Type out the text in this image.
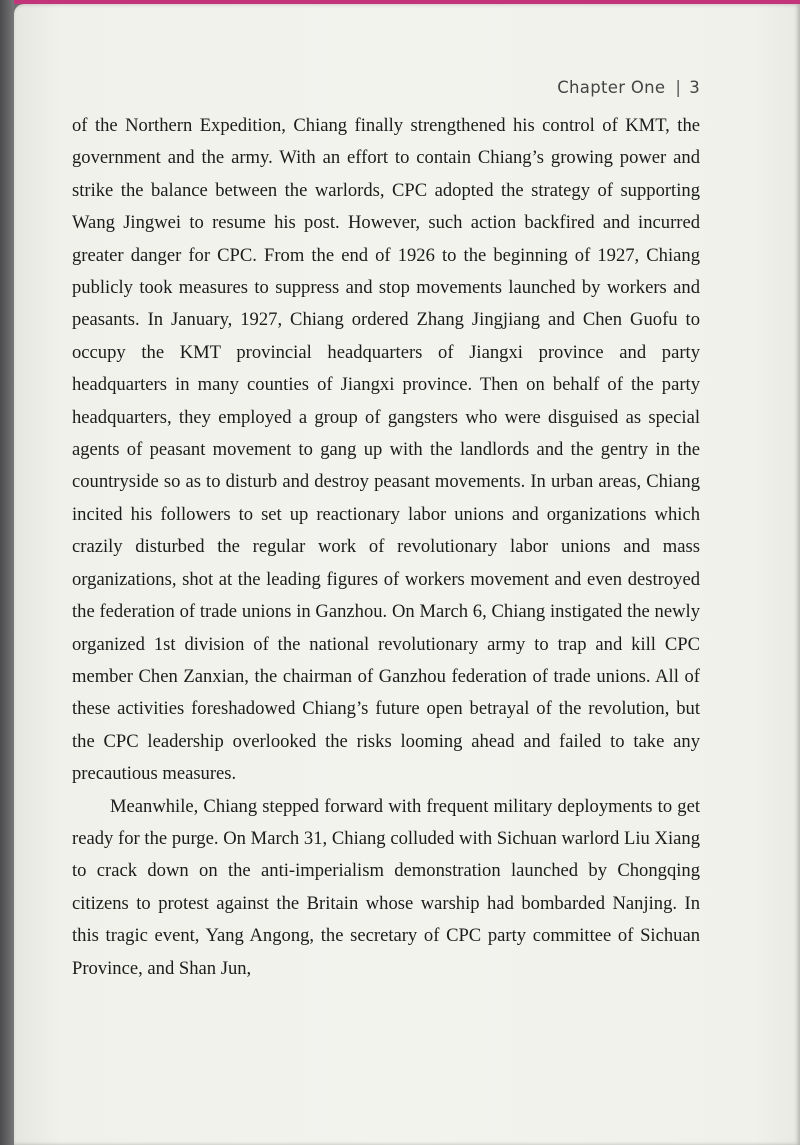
Chapter One | 3

of the Northern Expedition, Chiang finally strengthened his control of KMT, the government and the army. With an effort to contain Chiang’s growing power and strike the balance between the warlords, CPC adopted the strategy of supporting Wang Jingwei to resume his post. However, such action backfired and incurred greater danger for CPC. From the end of 1926 to the beginning of 1927, Chiang publicly took measures to suppress and stop movements launched by workers and peasants. In January, 1927, Chiang ordered Zhang Jingjiang and Chen Guofu to occupy the KMT provincial headquarters of Jiangxi province and party headquarters in many counties of Jiangxi province. Then on behalf of the party headquarters, they employed a group of gangsters who were disguised as special agents of peasant movement to gang up with the landlords and the gentry in the countryside so as to disturb and destroy peasant movements. In urban areas, Chiang incited his followers to set up reactionary labor unions and organizations which crazily disturbed the regular work of revolutionary labor unions and mass organizations, shot at the leading figures of workers movement and even destroyed the federation of trade unions in Ganzhou. On March 6, Chiang instigated the newly organized 1st division of the national revolutionary army to trap and kill CPC member Chen Zanxian, the chairman of Ganzhou federation of trade unions. All of these activities foreshadowed Chiang’s future open betrayal of the revolution, but the CPC leadership overlooked the risks looming ahead and failed to take any precautious measures.

Meanwhile, Chiang stepped forward with frequent military deployments to get ready for the purge. On March 31, Chiang colluded with Sichuan warlord Liu Xiang to crack down on the anti-imperialism demonstration launched by Chongqing citizens to protest against the Britain whose warship had bombarded Nanjing. In this tragic event, Yang Angong, the secretary of CPC party committee of Sichuan Province, and Shan Jun,
